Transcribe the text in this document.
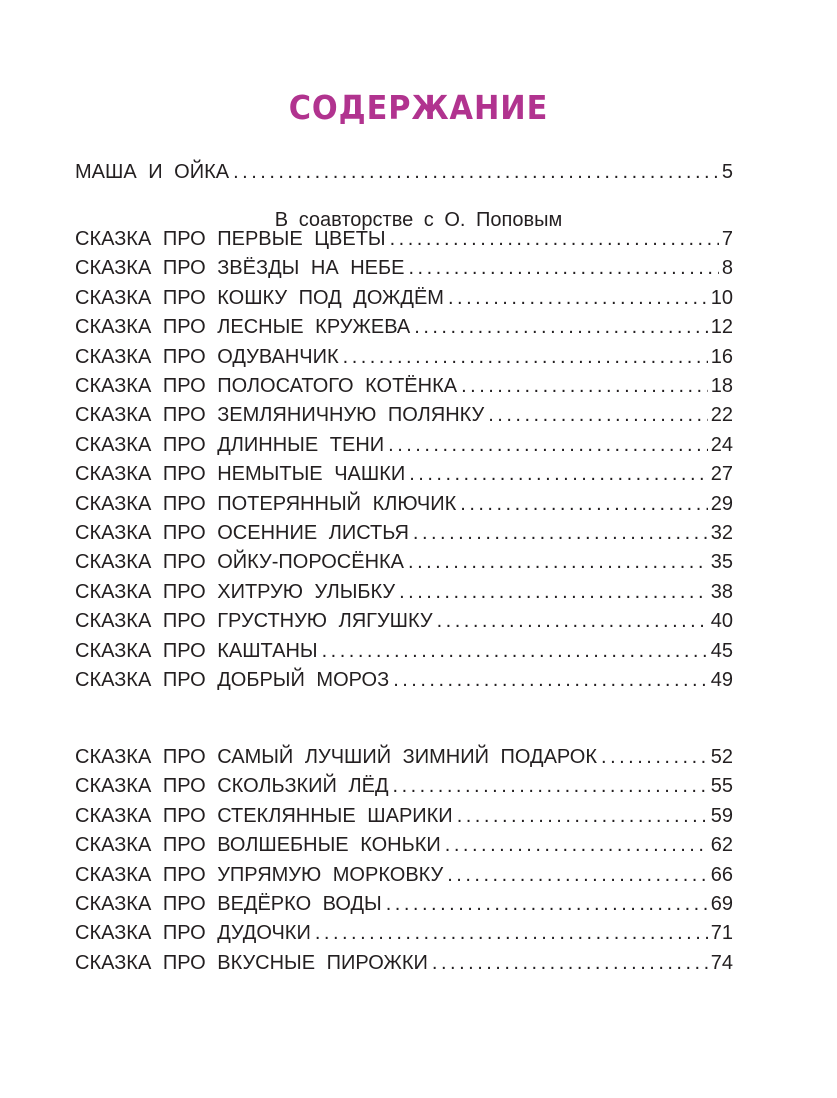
СОДЕРЖАНИЕ
МАША И ОЙКА .....	5
В соавторстве с О. Поповым
СКАЗКА ПРО ПЕРВЫЕ ЦВЕТЫ .....	7
СКАЗКА ПРО ЗВЁЗДЫ НА НЕБЕ .....	8
СКАЗКА ПРО КОШКУ ПОД ДОЖДЁМ .....	10
СКАЗКА ПРО ЛЕСНЫЕ КРУЖЕВА .....	12
СКАЗКА ПРО ОДУВАНЧИК .....	16
СКАЗКА ПРО ПОЛОСАТОГО КОТЁНКА .....	18
СКАЗКА ПРО ЗЕМЛЯНИЧНУЮ ПОЛЯНКУ .....	22
СКАЗКА ПРО ДЛИННЫЕ ТЕНИ .....	24
СКАЗКА ПРО НЕМЫТЫЕ ЧАШКИ .....	27
СКАЗКА ПРО ПОТЕРЯННЫЙ КЛЮЧИК .....	29
СКАЗКА ПРО ОСЕННИЕ ЛИСТЬЯ .....	32
СКАЗКА ПРО ОЙКУ-ПОРОСЁНКА .....	35
СКАЗКА ПРО ХИТРУЮ УЛЫБКУ .....	38
СКАЗКА ПРО ГРУСТНУЮ ЛЯГУШКУ .....	40
СКАЗКА ПРО КАШТАНЫ .....	45
СКАЗКА ПРО ДОБРЫЙ МОРОЗ .....	49
СКАЗКА ПРО САМЫЙ ЛУЧШИЙ ЗИМНИЙ ПОДАРОК .....	52
СКАЗКА ПРО СКОЛЬЗКИЙ ЛЁД .....	55
СКАЗКА ПРО СТЕКЛЯННЫЕ ШАРИКИ .....	59
СКАЗКА ПРО ВОЛШЕБНЫЕ КОНЬКИ .....	62
СКАЗКА ПРО УПРЯМУЮ МОРКОВКУ .....	66
СКАЗКА ПРО ВЕДЁРКО ВОДЫ .....	69
СКАЗКА ПРО ДУДОЧКИ .....	71
СКАЗКА ПРО ВКУСНЫЕ ПИРОЖКИ .....	74
